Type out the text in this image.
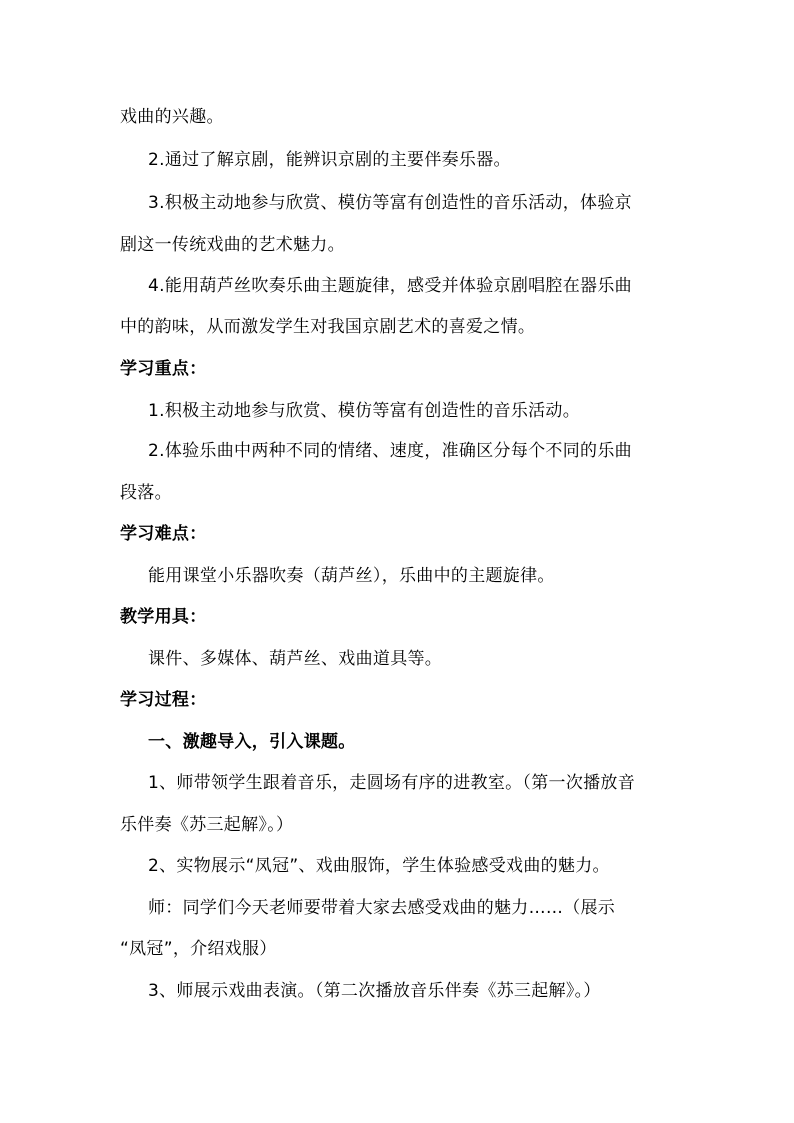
戏曲的兴趣。
2.通过了解京剧，能辨识京剧的主要伴奏乐器。
3.积极主动地参与欣赏、模仿等富有创造性的音乐活动，体验京
剧这一传统戏曲的艺术魅力。
4.能用葫芦丝吹奏乐曲主题旋律，感受并体验京剧唱腔在器乐曲
中的韵味，从而激发学生对我国京剧艺术的喜爱之情。
学习重点：
1.积极主动地参与欣赏、模仿等富有创造性的音乐活动。
2.体验乐曲中两种不同的情绪、速度，准确区分每个不同的乐曲
段落。
学习难点：
能用课堂小乐器吹奏（葫芦丝），乐曲中的主题旋律。
教学用具：
课件、多媒体、葫芦丝、戏曲道具等。
学习过程：
一、激趣导入，引入课题。
1、师带领学生跟着音乐，走圆场有序的进教室。（第一次播放音
乐伴奏《苏三起解》。）
2、实物展示“凤冠”、戏曲服饰，学生体验感受戏曲的魅力。
师：同学们今天老师要带着大家去感受戏曲的魅力……（展示
“凤冠”，介绍戏服）
3、师展示戏曲表演。（第二次播放音乐伴奏《苏三起解》。）
